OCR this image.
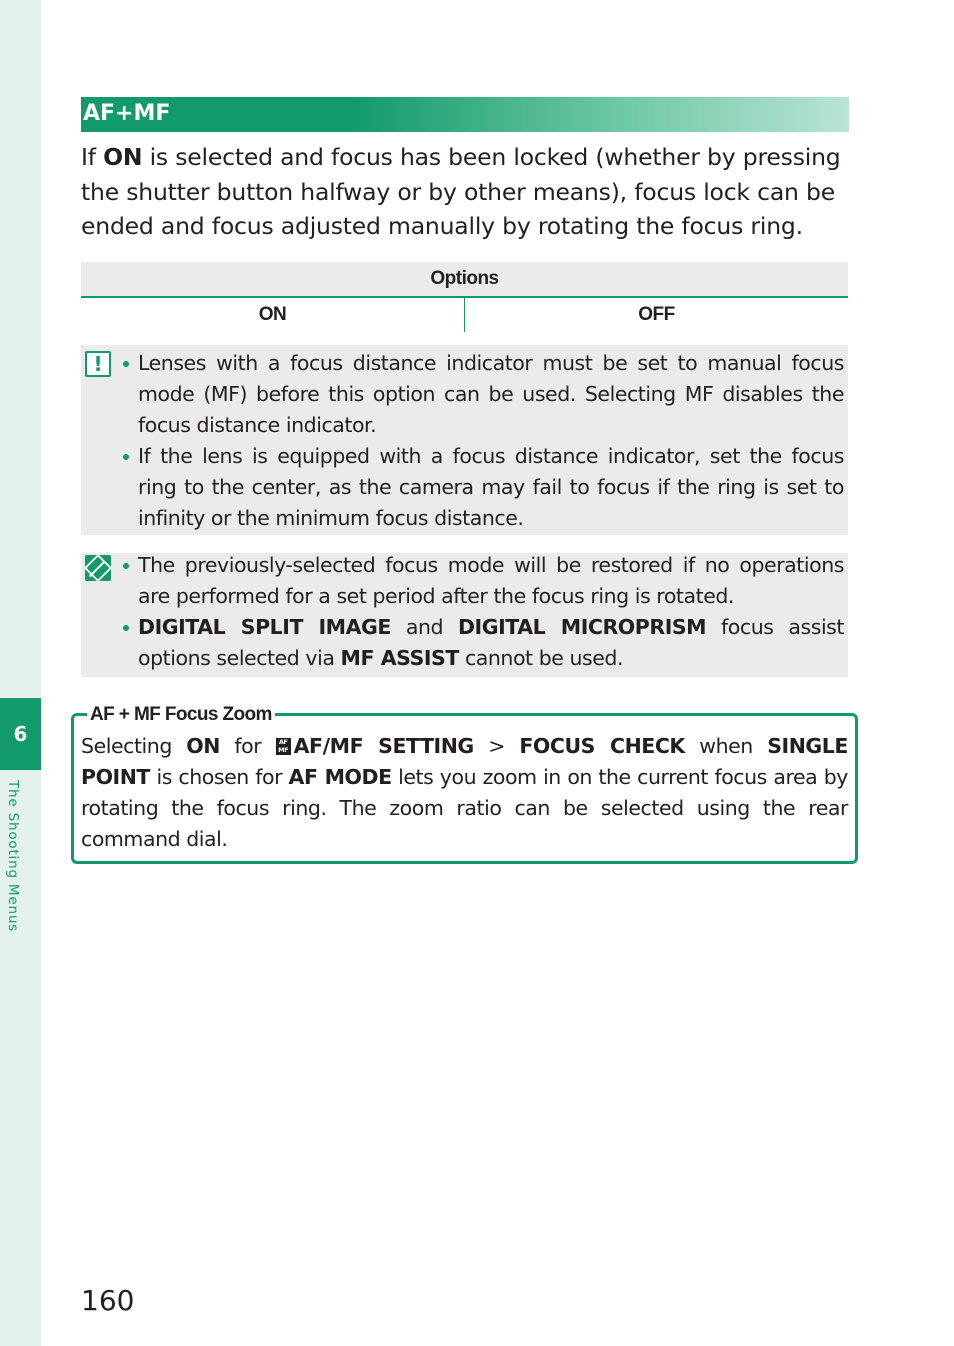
6
The Shooting Menus
AF+MF

If ON is selected and focus has been locked (whether by pressing the shutter button halfway or by other means), focus lock can be ended and focus adjusted manually by rotating the focus ring.

Options
ON	OFF
!
Lenses with a focus distance indicator must be set to manual focus mode (MF) before this option can be used. Selecting MF disables the focus distance indicator.
If the lens is equipped with a focus distance indicator, set the focus ring to the center, as the camera may fail to focus if the ring is set to infinity or the minimum focus distance.
The previously-selected focus mode will be restored if no operations are performed for a set period after the focus ring is rotated.
DIGITAL SPLIT IMAGE and DIGITAL MICROPRISM focus assist options selected via MF ASSIST cannot be used.
AF + MF Focus Zoom

Selecting ON for AF
MF AF/MF SETTING > FOCUS CHECK when SINGLE POINT is chosen for AF MODE lets you zoom in on the current focus area by rotating the focus ring. The zoom ratio can be selected using the rear command dial.

160
